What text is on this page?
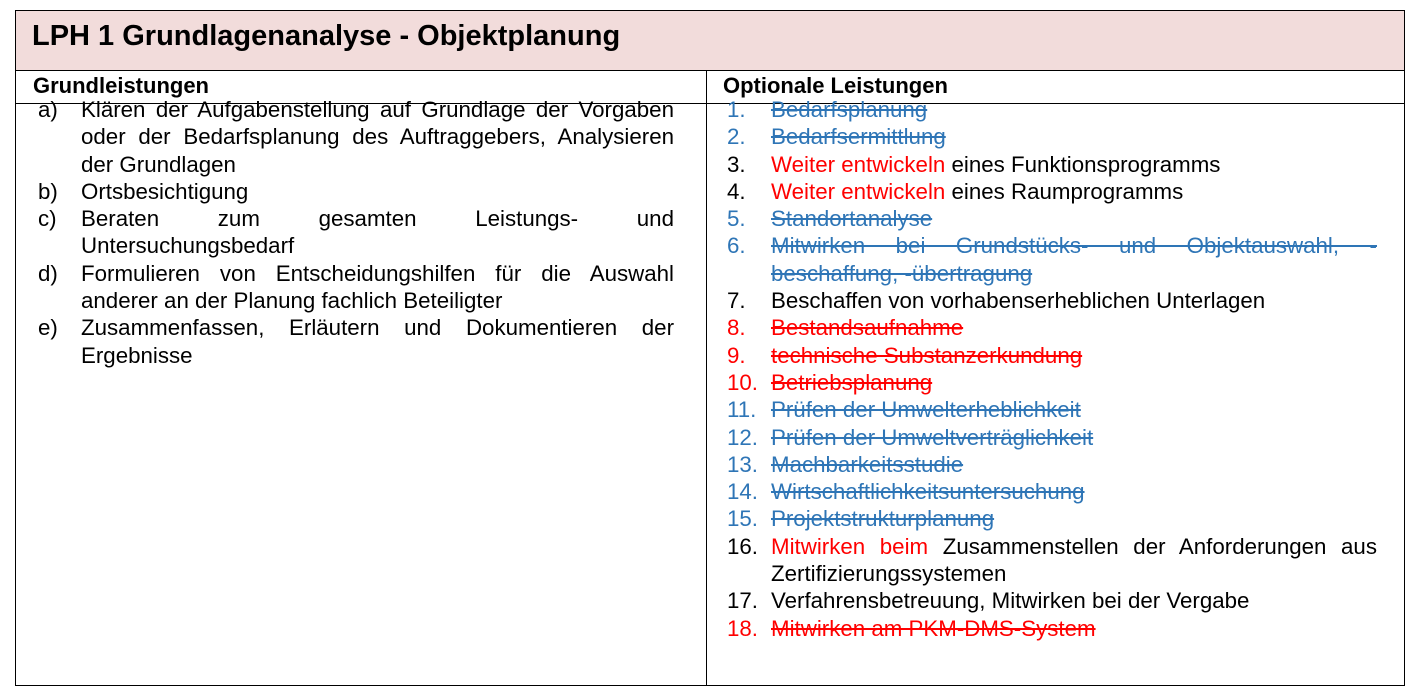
LPH 1 Grundlagenanalyse - Objektplanung
Grundleistungen	Optionale Leistungen
a) Klären der Aufgabenstellung auf Grundlage der Vorgaben oder der Bedarfsplanung des Auftraggebers, Analysieren der Grundlagen
b) Ortsbesichtigung
c) Beraten zum gesamten Leistungs- und Untersuchungsbedarf
d) Formulieren von Entscheidungshilfen für die Auswahl anderer an der Planung fachlich Beteiligter
e) Zusammenfassen, Erläutern und Dokumentieren der Ergebnisse
1. Bedarfsplanung
2. Bedarfsermittlung
3. Weiter entwickeln eines Funktionsprogramms
4. Weiter entwickeln eines Raumprogramms
5. Standortanalyse
6. Mitwirken bei Grundstücks- und Objektauswahl, -beschaffung, -übertragung
7. Beschaffen von vorhabenserheblichen Unterlagen
8. Bestandsaufnahme
9. technische Substanzerkundung
10. Betriebsplanung
11. Prüfen der Umwelterheblichkeit
12. Prüfen der Umweltverträglichkeit
13. Machbarkeitsstudie
14. Wirtschaftlichkeitsuntersuchung
15. Projektstrukturplanung
16. Mitwirken beim Zusammenstellen der Anforderungen aus Zertifizierungssystemen
17. Verfahrensbetreuung, Mitwirken bei der Vergabe
18. Mitwirken am PKM-DMS-System
